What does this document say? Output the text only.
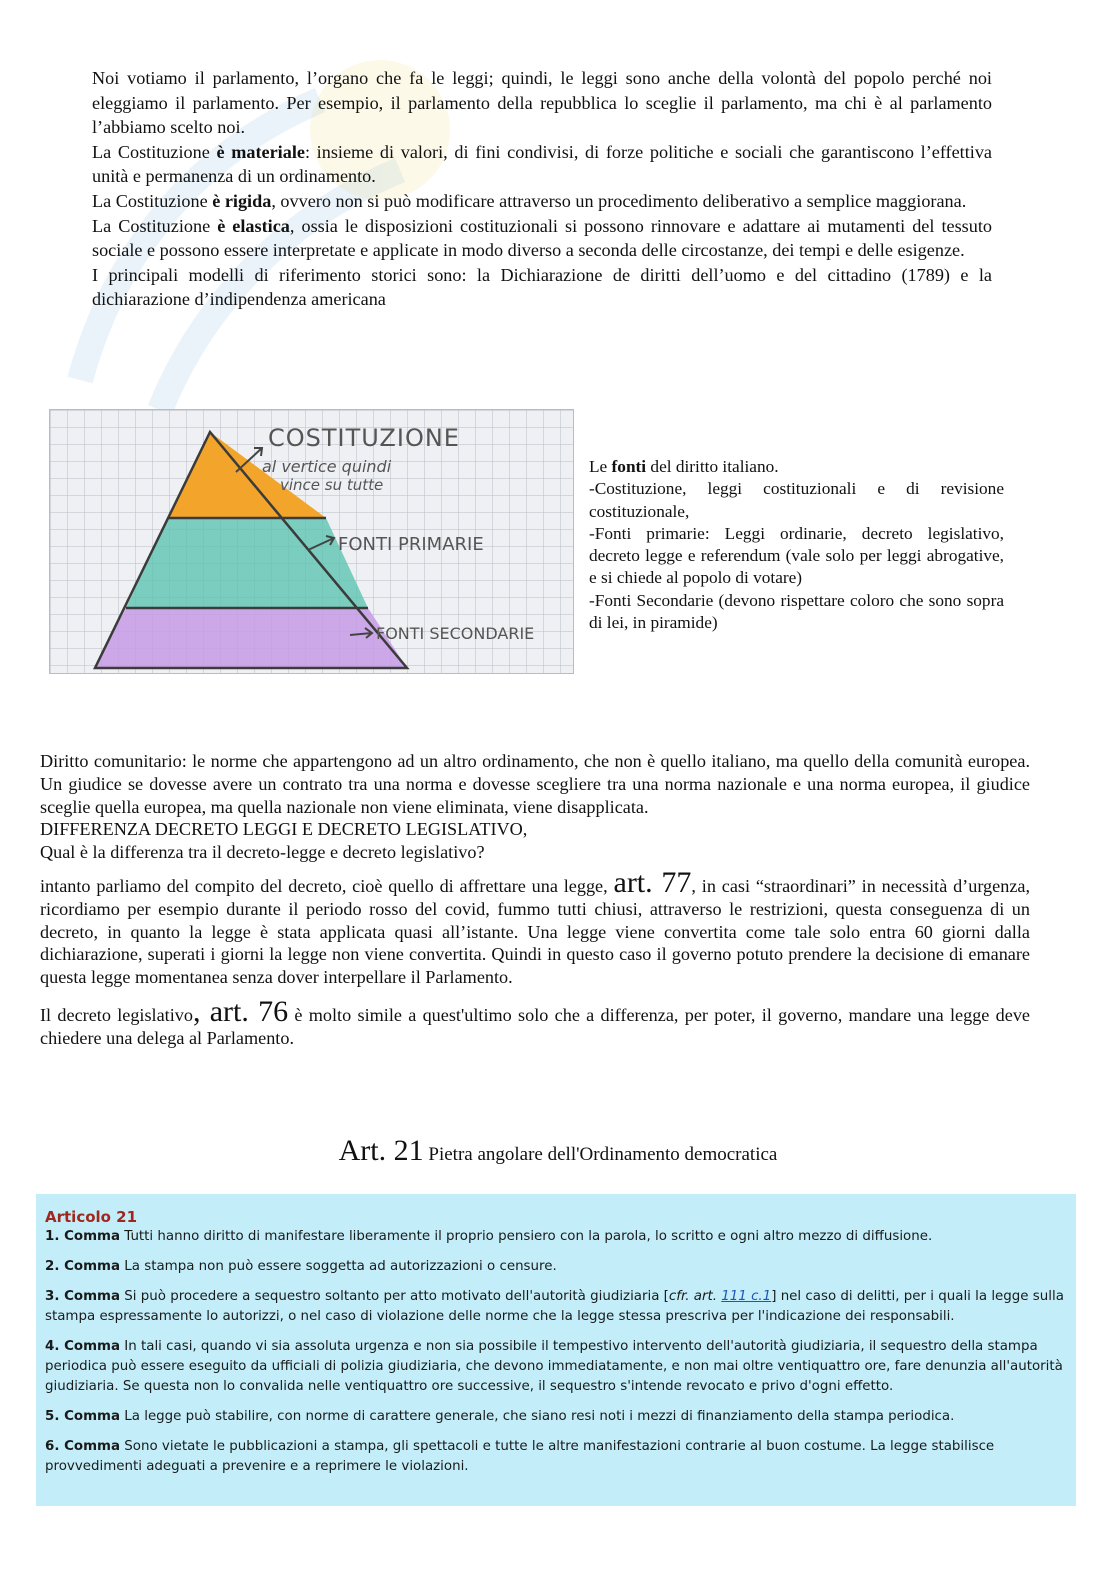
Noi votiamo il parlamento, l’organo che fa le leggi; quindi, le leggi sono anche della volontà del popolo perché noi eleggiamo il parlamento. Per esempio, il parlamento della repubblica lo sceglie il parlamento, ma chi è al parlamento l’abbiamo scelto noi.

La Costituzione è materiale: insieme di valori, di fini condivisi, di forze politiche e sociali che garantiscono l’effettiva unità e permanenza di un ordinamento.

La Costituzione è rigida, ovvero non si può modificare attraverso un procedimento deliberativo a semplice maggiorana.

La Costituzione è elastica, ossia le disposizioni costituzionali si possono rinnovare e adattare ai mutamenti del tessuto sociale e possono essere interpretate e applicate in modo diverso a seconda delle circostanze, dei tempi e delle esigenze.

I principali modelli di riferimento storici sono: la Dichiarazione de diritti dell’uomo e del cittadino (1789) e la dichiarazione d’indipendenza americana

COSTITUZIONE
al vertice quindi
vince su tutte
FONTI PRIMARIE
FONTI SECONDARIE

Le fonti del diritto italiano.

-Costituzione, leggi costituzionali e di revisione costituzionale,

-Fonti primarie: Leggi ordinarie, decreto legislativo, decreto legge e referendum (vale solo per leggi abrogative, e si chiede al popolo di votare)

-Fonti Secondarie (devono rispettare coloro che sono sopra di lei, in piramide)

Diritto comunitario: le norme che appartengono ad un altro ordinamento, che non è quello italiano, ma quello della comunità europea. Un giudice se dovesse avere un contrato tra una norma e dovesse scegliere tra una norma nazionale e una norma europea, il giudice sceglie quella europea, ma quella nazionale non viene eliminata, viene disapplicata.

DIFFERENZA DECRETO LEGGI E DECRETO LEGISLATIVO,

Qual è la differenza tra il decreto-legge e decreto legislativo?

intanto parliamo del compito del decreto, cioè quello di affrettare una legge, art. 77, in casi “straordinari” in necessità d’urgenza, ricordiamo per esempio durante il periodo rosso del covid, fummo tutti chiusi, attraverso le restrizioni, questa conseguenza di un decreto, in quanto la legge è stata applicata quasi all’istante. Una legge viene convertita come tale solo entra 60 giorni dalla dichiarazione, superati i giorni la legge non viene convertita. Quindi in questo caso il governo potuto prendere la decisione di emanare questa legge momentanea senza dover interpellare il Parlamento.

Il decreto legislativo, art. 76 è molto simile a quest'ultimo solo che a differenza, per poter, il governo, mandare una legge deve chiedere una delega al Parlamento.

Art. 21 Pietra angolare dell'Ordinamento democratica
Articolo 21

1. Comma Tutti hanno diritto di manifestare liberamente il proprio pensiero con la parola, lo scritto e ogni altro mezzo di diffusione.

2. Comma La stampa non può essere soggetta ad autorizzazioni o censure.

3. Comma Si può procedere a sequestro soltanto per atto motivato dell'autorità giudiziaria [cfr. art. 111 c.1] nel caso di delitti, per i quali la legge sulla stampa espressamente lo autorizzi, o nel caso di violazione delle norme che la legge stessa prescriva per l'indicazione dei responsabili.

4. Comma In tali casi, quando vi sia assoluta urgenza e non sia possibile il tempestivo intervento dell'autorità giudiziaria, il sequestro della stampa periodica può essere eseguito da ufficiali di polizia giudiziaria, che devono immediatamente, e non mai oltre ventiquattro ore, fare denunzia all'autorità giudiziaria. Se questa non lo convalida nelle ventiquattro ore successive, il sequestro s'intende revocato e privo d'ogni effetto.

5. Comma La legge può stabilire, con norme di carattere generale, che siano resi noti i mezzi di finanziamento della stampa periodica.

6. Comma Sono vietate le pubblicazioni a stampa, gli spettacoli e tutte le altre manifestazioni contrarie al buon costume. La legge stabilisce provvedimenti adeguati a prevenire e a reprimere le violazioni.
